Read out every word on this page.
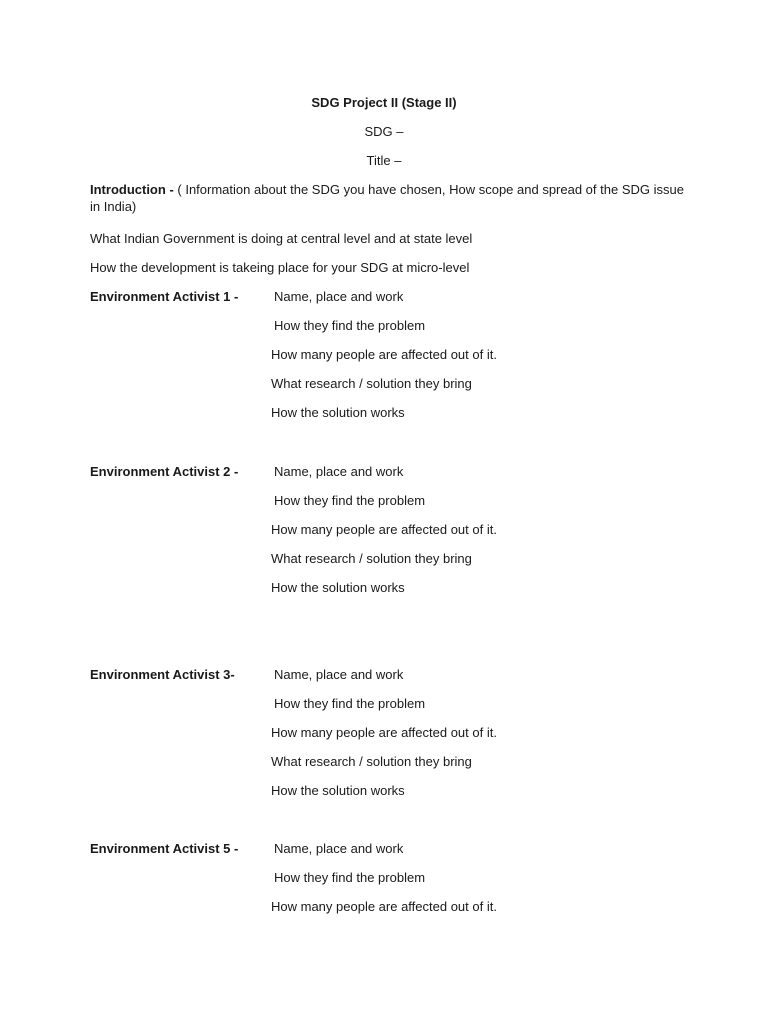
SDG Project II (Stage II)
SDG –
Title –
Introduction - ( Information about the SDG you have chosen, How scope and spread of the SDG issue in India)
What Indian Government is doing at central level and at state level
How the development is takeing place for your SDG at micro-level
Environment Activist 1 -	Name, place and work
How they find the problem
How many people are affected out of it.
What research / solution they bring
How the solution works
Environment Activist 2 -	Name, place and work
How they find the problem
How many people are affected out of it.
What research / solution they bring
How the solution works
Environment Activist 3-	Name, place and work
How they find the problem
How many people are affected out of it.
What research / solution they bring
How the solution works
Environment Activist 5 -	Name, place and work
How they find the problem
How many people are affected out of it.
